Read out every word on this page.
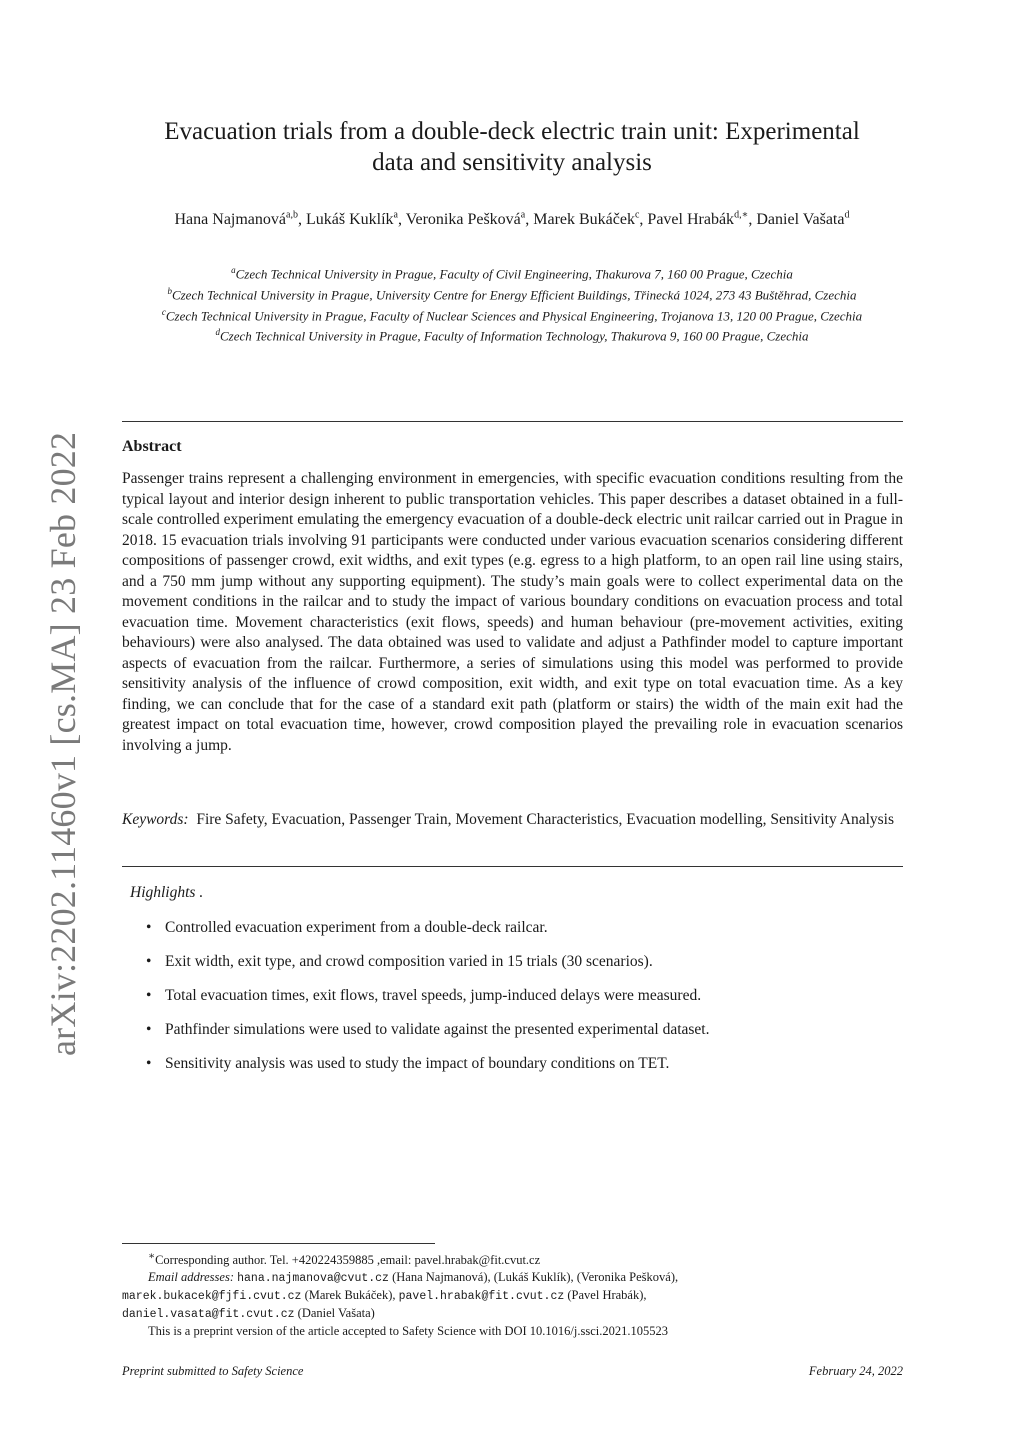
arXiv:2202.11460v1 [cs.MA] 23 Feb 2022
Evacuation trials from a double-deck electric train unit: Experimental
data and sensitivity analysis
Hana Najmanová$^{a,b}$, Lukáš Kuklík$^a$, Veronika Pešková$^a$, Marek Bukáček$^c$, Pavel Hrabák$^{d,∗}$, Daniel Vašata$^d$
$^a$Czech Technical University in Prague, Faculty of Civil Engineering, Thakurova 7, 160 00 Prague, Czechia
$^b$Czech Technical University in Prague, University Centre for Energy Efficient Buildings, Třinecká 1024, 273 43 Buštěhrad, Czechia
$^c$Czech Technical University in Prague, Faculty of Nuclear Sciences and Physical Engineering, Trojanova 13, 120 00 Prague, Czechia
$^d$Czech Technical University in Prague, Faculty of Information Technology, Thakurova 9, 160 00 Prague, Czechia
Abstract

Passenger trains represent a challenging environment in emergencies, with specific evacuation conditions resulting from the typical layout and interior design inherent to public transportation vehicles. This paper describes a dataset obtained in a full-scale controlled experiment emulating the emergency evacuation of a double-deck electric unit railcar carried out in Prague in 2018. 15 evacuation trials involving 91 participants were conducted under various evacuation scenarios considering different compositions of passenger crowd, exit widths, and exit types (e.g. egress to a high platform, to an open rail line using stairs, and a 750 mm jump without any supporting equipment). The study’s main goals were to collect experimental data on the movement conditions in the railcar and to study the impact of various boundary conditions on evacuation process and total evacuation time. Movement characteristics (exit flows, speeds) and human behaviour (pre-movement activities, exiting behaviours) were also analysed. The data obtained was used to validate and adjust a Pathfinder model to capture important aspects of evacuation from the railcar. Furthermore, a series of simulations using this model was performed to provide sensitivity analysis of the influence of crowd composition, exit width, and exit type on total evacuation time. As a key finding, we can conclude that for the case of a standard exit path (platform or stairs) the width of the main exit had the greatest impact on total evacuation time, however, crowd composition played the prevailing role in evacuation scenarios involving a jump.

Keywords: Fire Safety, Evacuation, Passenger Train, Movement Characteristics, Evacuation modelling, Sensitivity Analysis
Highlights .
• Controlled evacuation experiment from a double-deck railcar.
• Exit width, exit type, and crowd composition varied in 15 trials (30 scenarios).
• Total evacuation times, exit flows, travel speeds, jump-induced delays were measured.
• Pathfinder simulations were used to validate against the presented experimental dataset.
• Sensitivity analysis was used to study the impact of boundary conditions on TET.
∗Corresponding author. Tel. +420224359885 ,email: pavel.hrabak@fit.cvut.cz
Email addresses: hana.najmanova@cvut.cz (Hana Najmanová), (Lukáš Kuklík), (Veronika Pešková),
marek.bukacek@fjfi.cvut.cz (Marek Bukáček), pavel.hrabak@fit.cvut.cz (Pavel Hrabák),
daniel.vasata@fit.cvut.cz (Daniel Vašata)
This is a preprint version of the article accepted to Safety Science with DOI 10.1016/j.ssci.2021.105523
Preprint submitted to Safety Science	February 24, 2022
